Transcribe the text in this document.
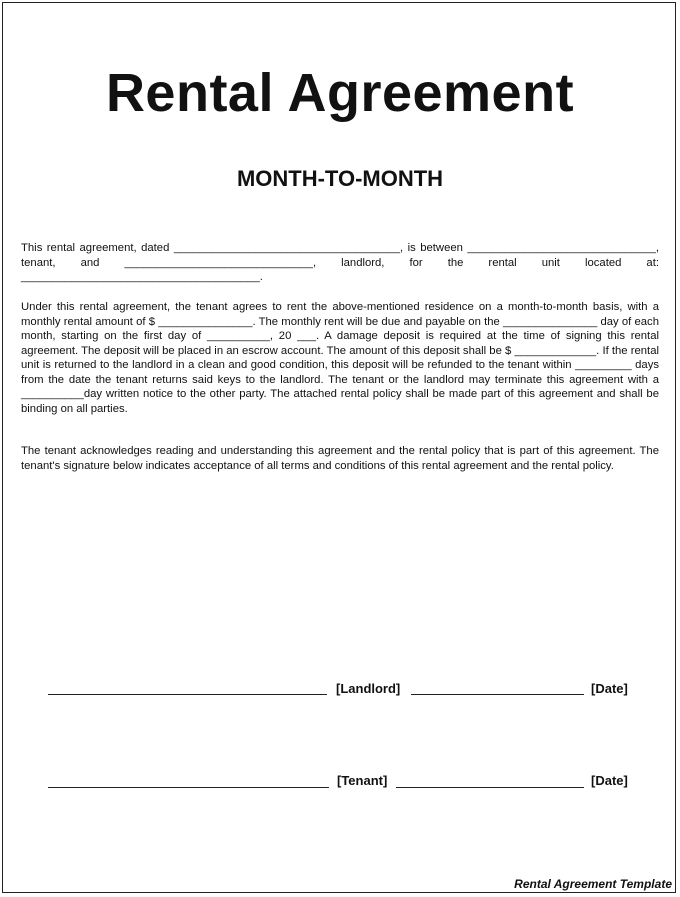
Rental Agreement
MONTH-TO-MONTH
This rental agreement, dated ____________________________________, is between ______________________________, tenant, and ______________________________, landlord, for the rental unit located at: ______________________________________.
Under this rental agreement, the tenant agrees to rent the above-mentioned residence on a month-to-month basis, with a monthly rental amount of $ _______________. The monthly rent will be due and payable on the _______________ day of each month, starting on the first day of __________, 20 ___. A damage deposit is required at the time of signing this rental agreement. The deposit will be placed in an escrow account. The amount of this deposit shall be $ _____________. If the rental unit is returned to the landlord in a clean and good condition, this deposit will be refunded to the tenant within _________ days from the date the tenant returns said keys to the landlord. The tenant or the landlord may terminate this agreement with a __________day written notice to the other party. The attached rental policy shall be made part of this agreement and shall be binding on all parties.
The tenant acknowledges reading and understanding this agreement and the rental policy that is part of this agreement. The tenant's signature below indicates acceptance of all terms and conditions of this rental agreement and the rental policy.
[Landlord]	[Date]
[Tenant]	[Date]
Rental Agreement Template
